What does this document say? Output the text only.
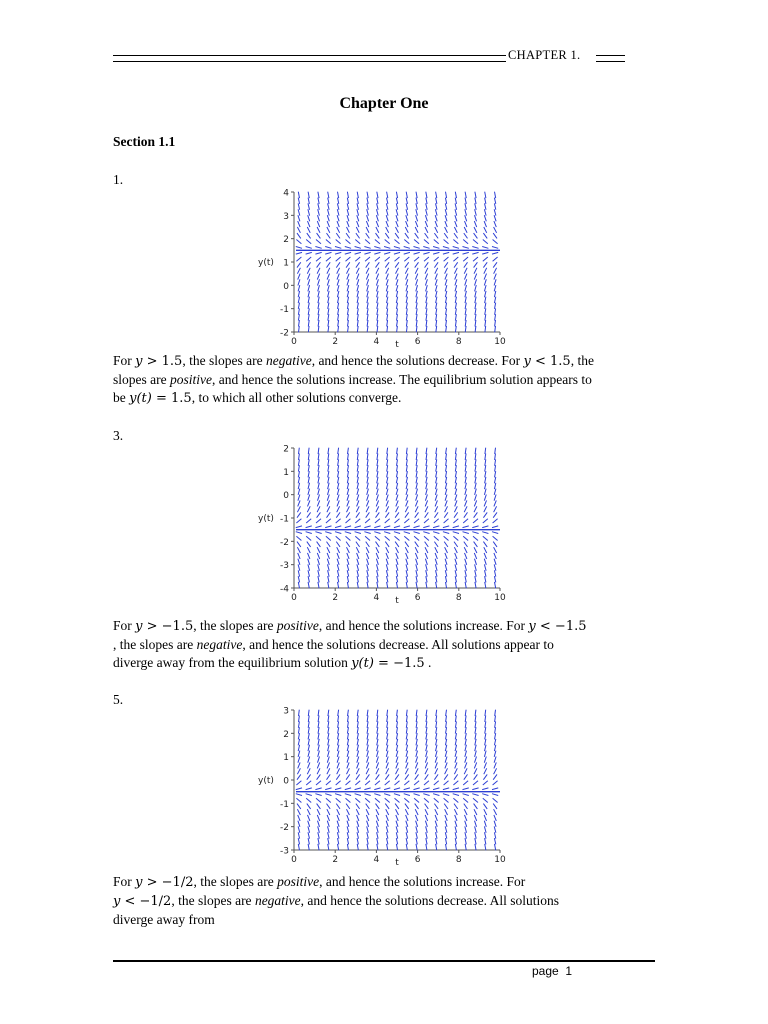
CHAPTER 1.
Chapter One
Section 1.1
1.
4
3
2
1
0
-1
-2
0	2	4	6	8	10
t
y(t)
For y > 1.5, the slopes are negative, and hence the solutions decrease. For y < 1.5, the
slopes are positive, and hence the solutions increase. The equilibrium solution appears to
be y(t) = 1.5, to which all other solutions converge.
3.
2
1
0
-1
-2
-3
-4
0	2	4	6	8	10
t
y(t)
For y > −1.5, the slopes are positive, and hence the solutions increase. For y < −1.5
, the slopes are negative, and hence the solutions decrease. All solutions appear to
diverge away from the equilibrium solution y(t) = −1.5 .
5.
3
2
1
0
-1
-2
-3
0	2	4	6	8	10
t
y(t)
For y > −1/2, the slopes are positive, and hence the solutions increase. For
y < −1/2, the slopes are negative, and hence the solutions decrease. All solutions
diverge away from
page 1
